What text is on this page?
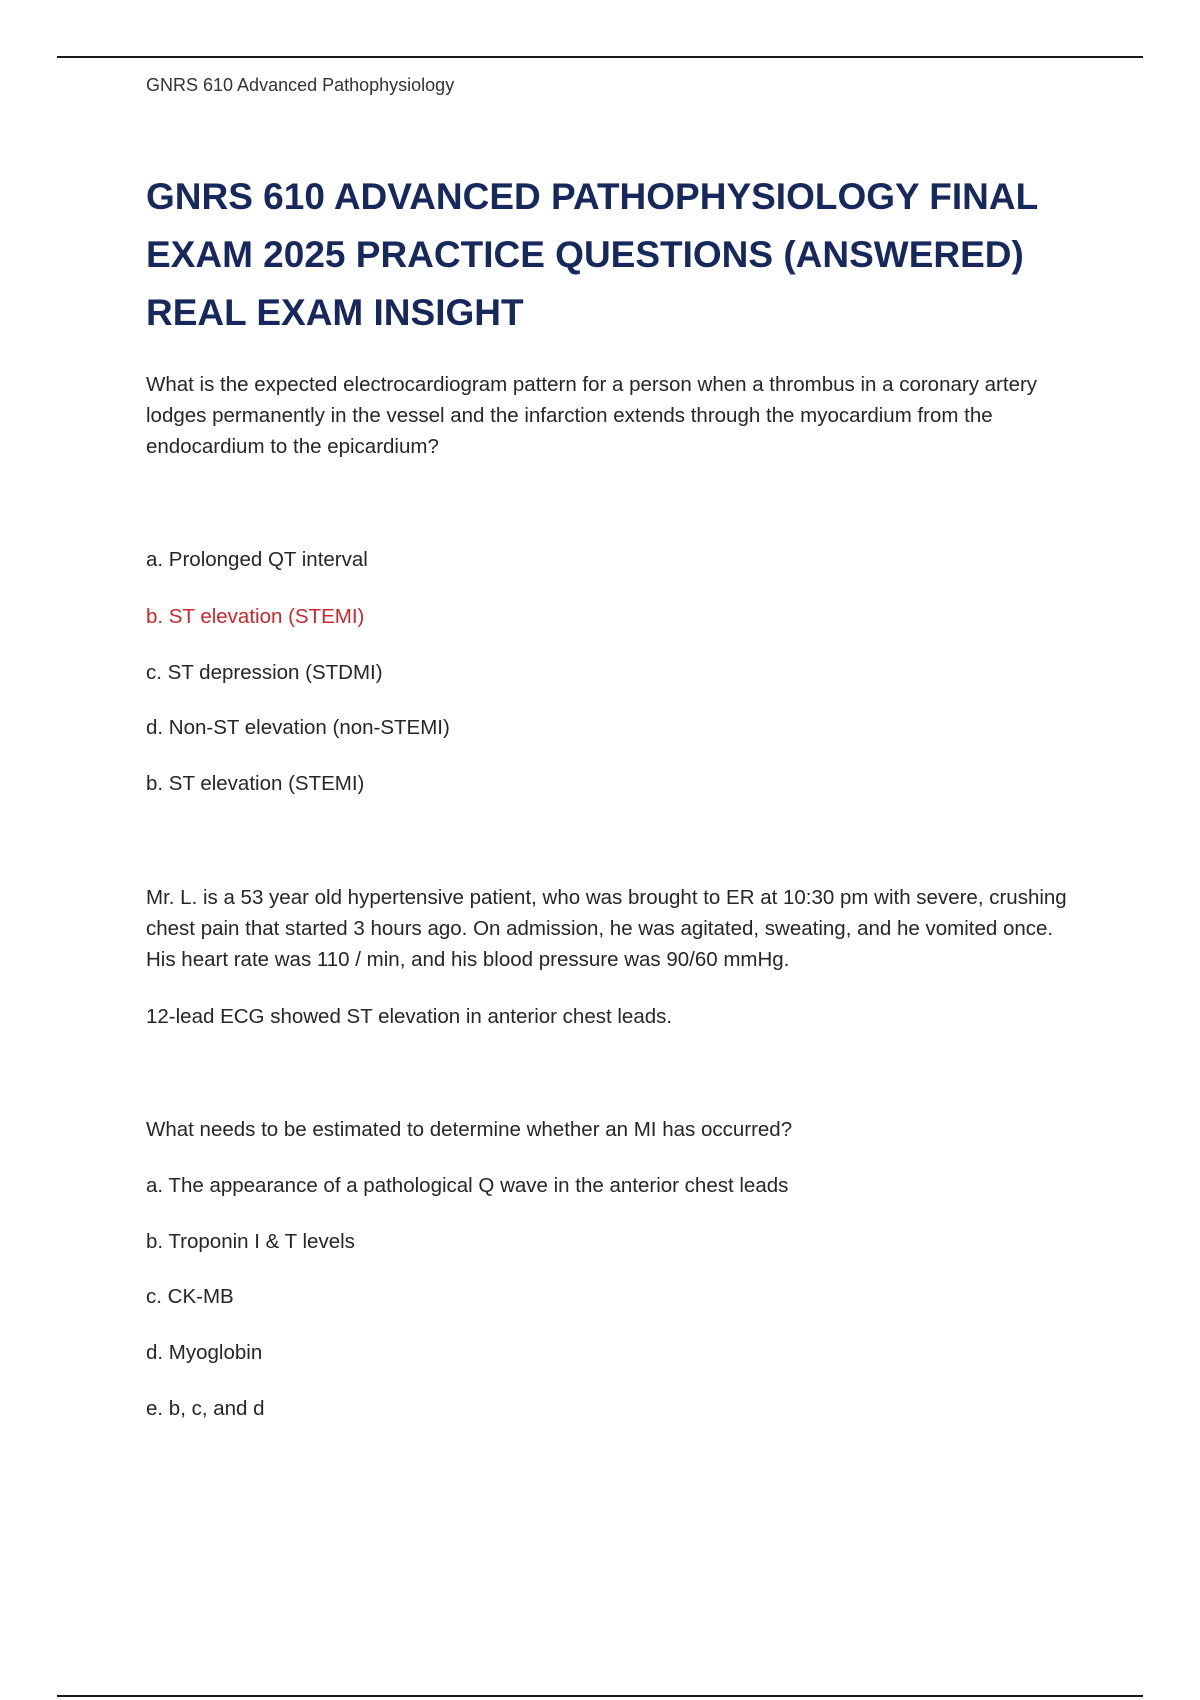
GNRS 610 Advanced Pathophysiology
GNRS 610 ADVANCED PATHOPHYSIOLOGY FINAL EXAM 2025 PRACTICE QUESTIONS (ANSWERED) REAL EXAM INSIGHT

What is the expected electrocardiogram pattern for a person when a thrombus in a coronary artery lodges permanently in the vessel and the infarction extends through the myocardium from the endocardium to the epicardium?

a. Prolonged QT interval

b. ST elevation (STEMI)

c. ST depression (STDMI)

d. Non-ST elevation (non-STEMI)

b. ST elevation (STEMI)

Mr. L. is a 53 year old hypertensive patient, who was brought to ER at 10:30 pm with severe, crushing chest pain that started 3 hours ago. On admission, he was agitated, sweating, and he vomited once. His heart rate was 110 / min, and his blood pressure was 90/60 mmHg.

12-lead ECG showed ST elevation in anterior chest leads.

What needs to be estimated to determine whether an MI has occurred?

a. The appearance of a pathological Q wave in the anterior chest leads

b. Troponin I & T levels

c. CK-MB

d. Myoglobin

e. b, c, and d
